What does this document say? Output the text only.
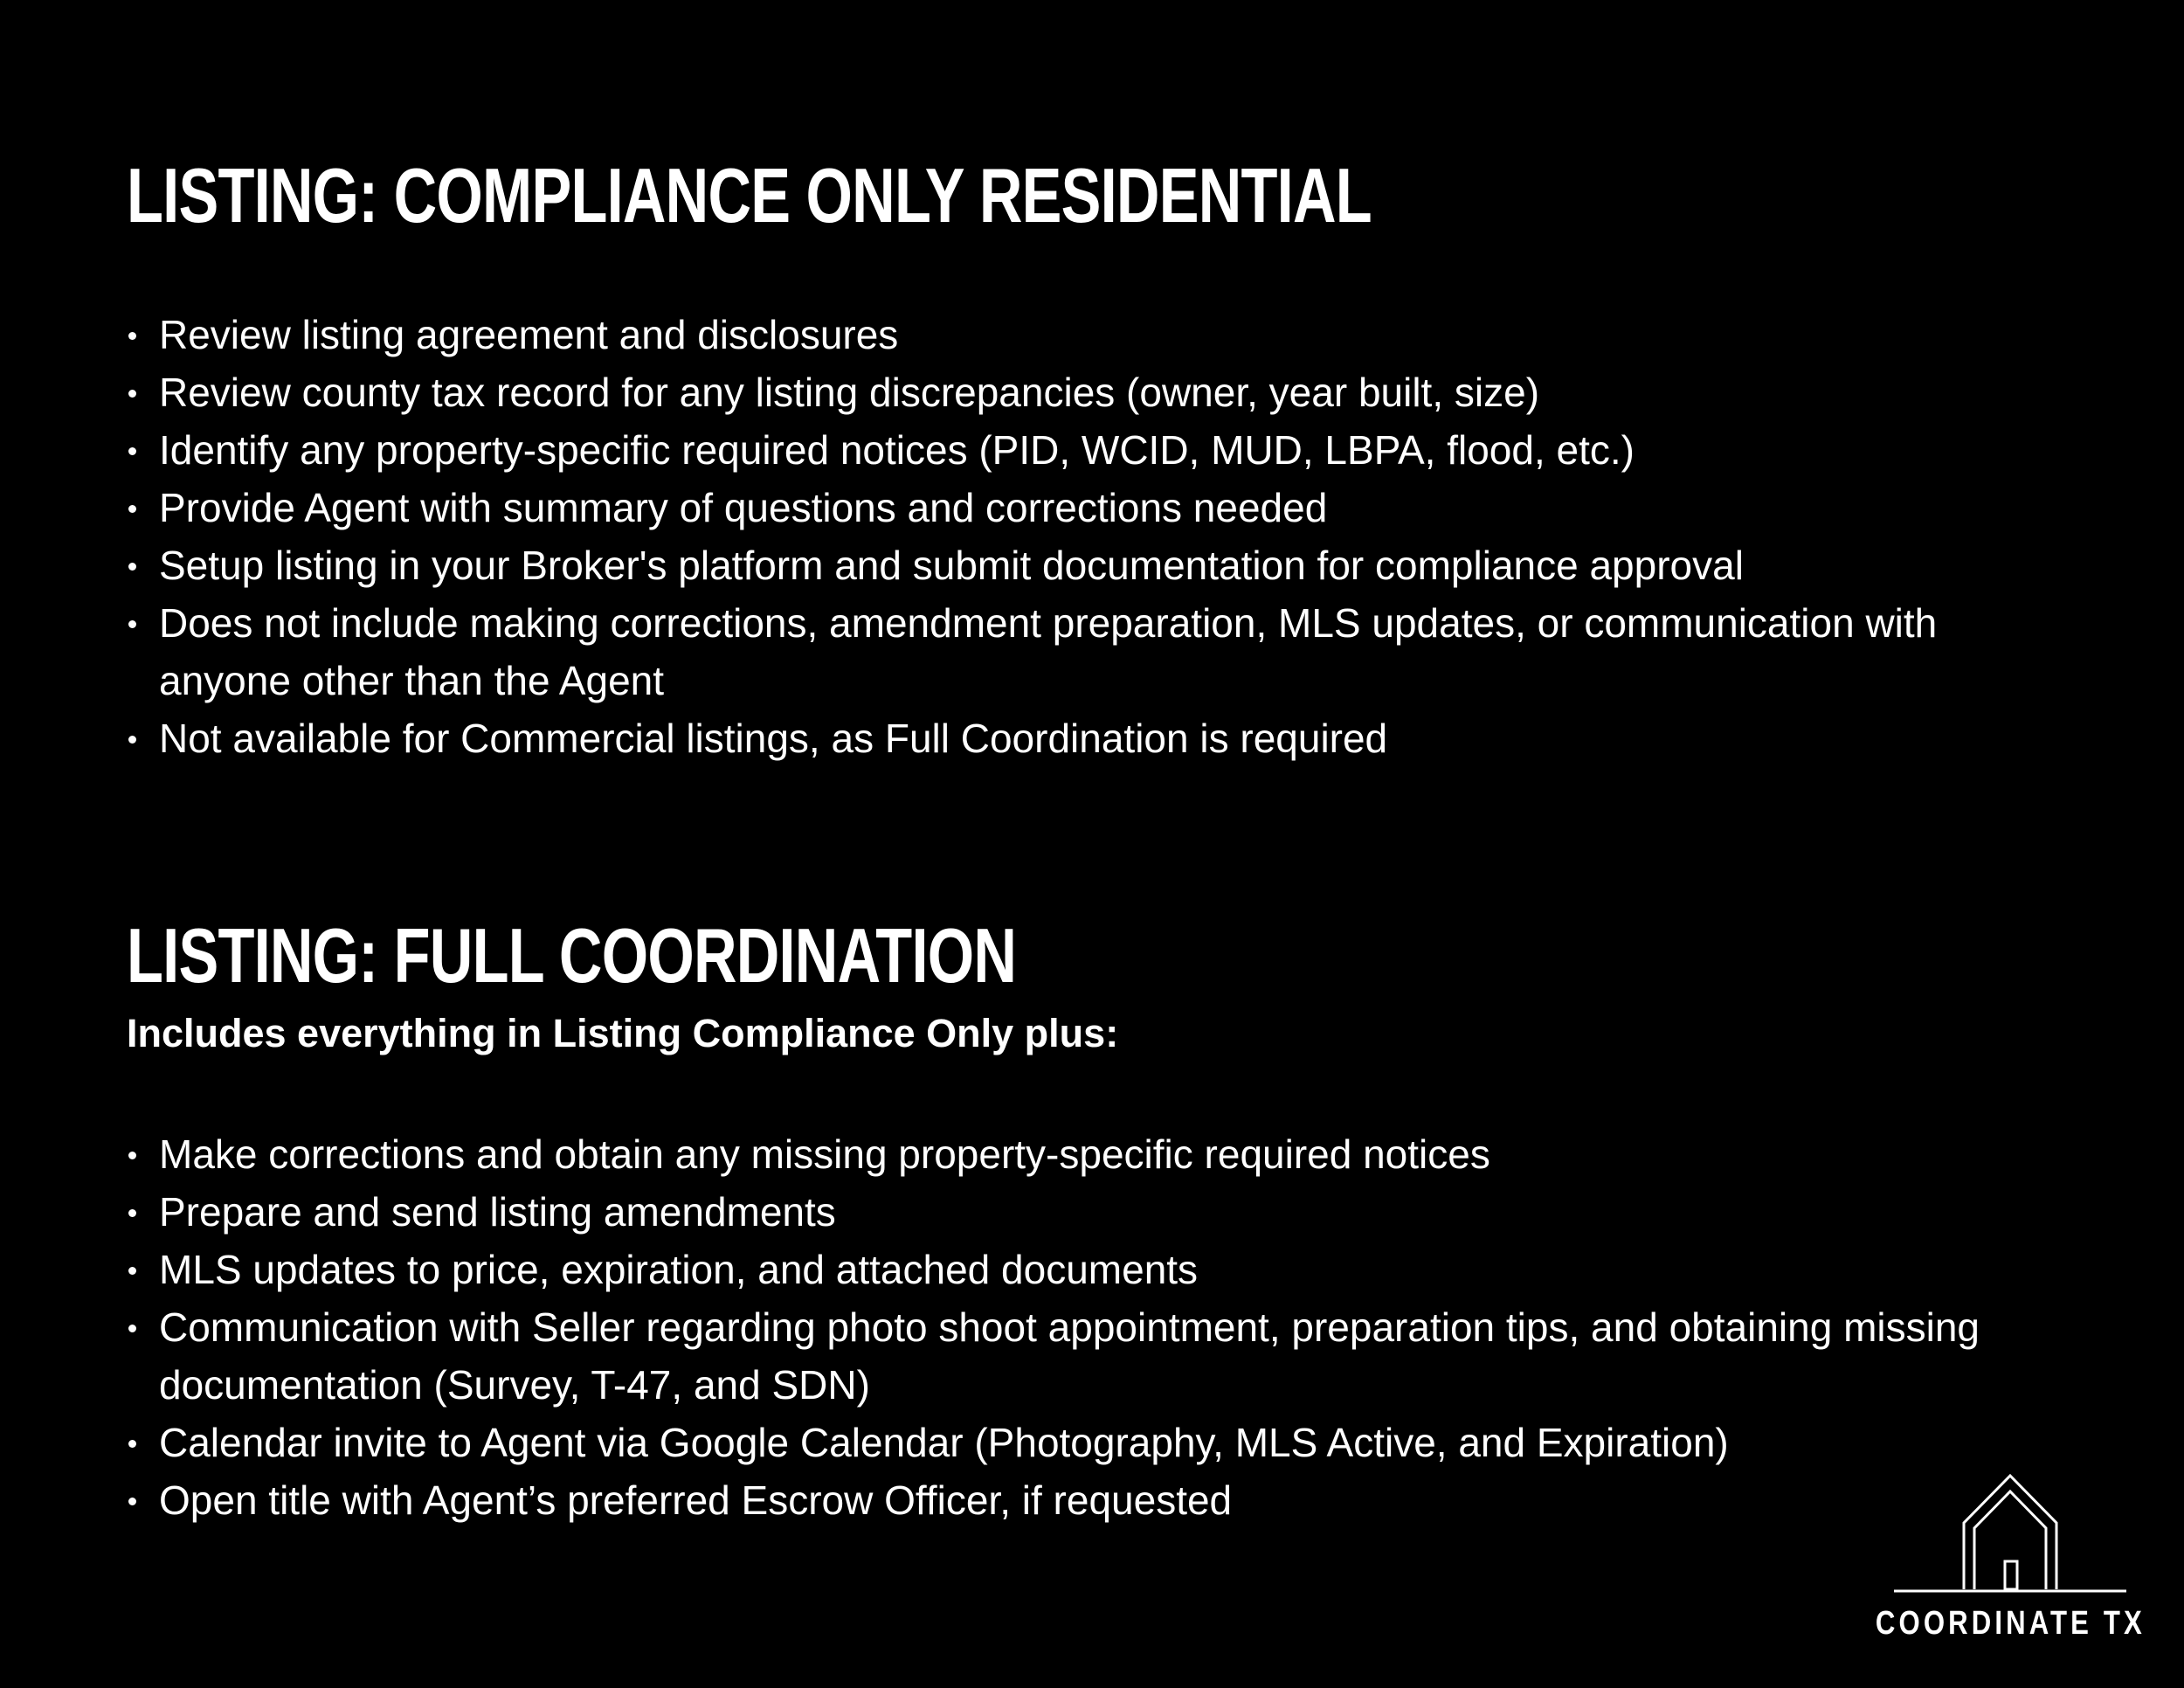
LISTING: COMPLIANCE ONLY RESIDENTIAL
Review listing agreement and disclosures
Review county tax record for any listing discrepancies (owner, year built, size)
Identify any property-specific required notices (PID, WCID, MUD, LBPA, flood, etc.)
Provide Agent with summary of questions and corrections needed
Setup listing in your Broker's platform and submit documentation for compliance approval
Does not include making corrections, amendment preparation, MLS updates, or communication with anyone other than the Agent
Not available for Commercial listings, as Full Coordination is required
LISTING: FULL COORDINATION

Includes everything in Listing Compliance Only plus:

Make corrections and obtain any missing property-specific required notices
Prepare and send listing amendments
MLS updates to price, expiration, and attached documents
Communication with Seller regarding photo shoot appointment, preparation tips, and obtaining missing documentation (Survey, T-47, and SDN)
Calendar invite to Agent via Google Calendar (Photography, MLS Active, and Expiration)
Open title with Agent’s preferred Escrow Officer, if requested
COORDINATE TX
